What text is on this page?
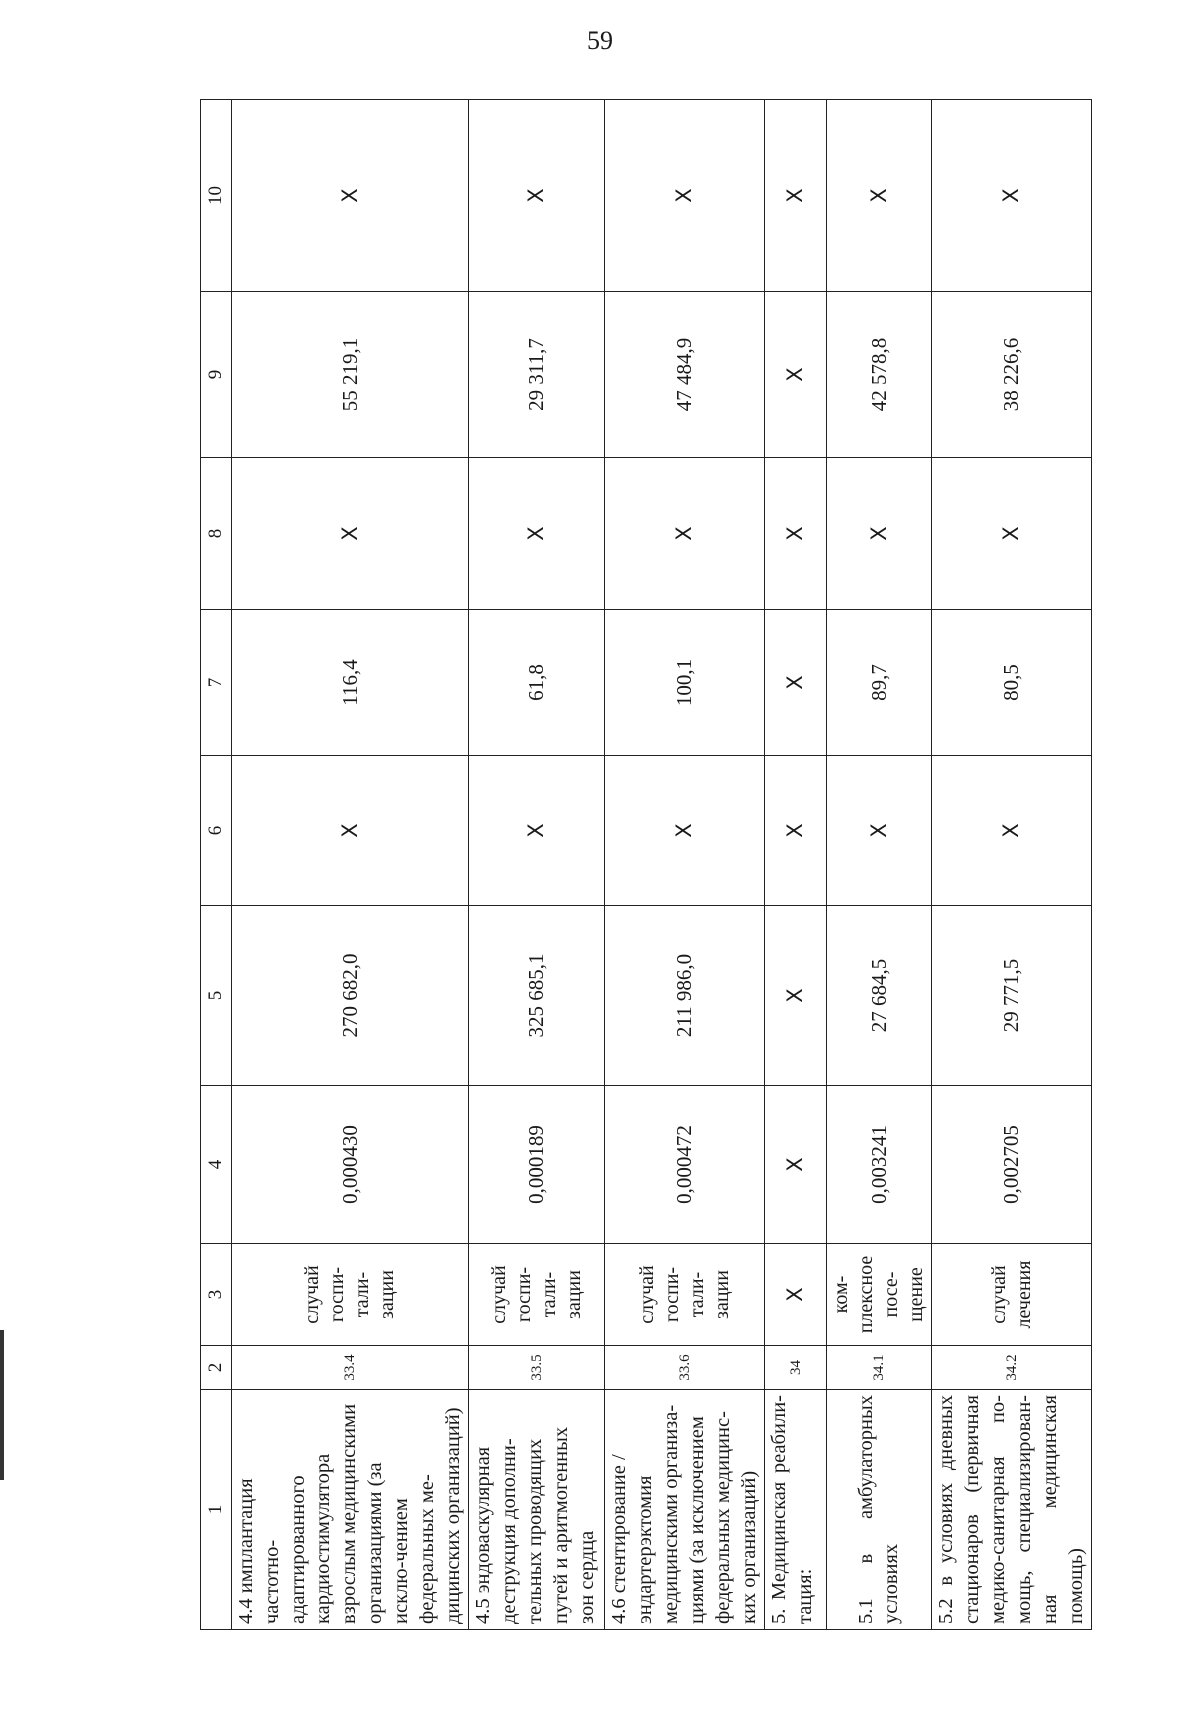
59
1	2	3	4	5	6	7	8	9	10
4.4 имплантация частотно-адаптированного кардиостимулятора взрослым медицинскими организациями (за исклю-чением федеральных ме-дицинских организаций)	33.4	случай госпи-тали-зации	0,000430	270 682,0	X	116,4	X	55 219,1	X
4.5 эндоваскулярная деструкция дополни-тельных проводящих путей и аритмогенных зон сердца	33.5	случай госпи-тали-зации	0,000189	325 685,1	X	61,8	X	29 311,7	X
4.6 стентирование / эндартерэктомия медицинскими организа-циями (за исключением федеральных медицинс-ких организаций)	33.6	случай госпи-тали-зации	0,000472	211 986,0	X	100,1	X	47 484,9	X
5. Медицинская реабили-тация:	34	X	X	X	X	X	X	X	X
5.1 в амбулаторных условиях	34.1	ком-плексное посе-щение	0,003241	27 684,5	X	89,7	X	42 578,8	X
5.2 в условиях дневных стационаров (первичная медико-санитарная по-мощь, специализирован-ная медицинская помощь)	34.2	случай лечения	0,002705	29 771,5	X	80,5	X	38 226,6	X
